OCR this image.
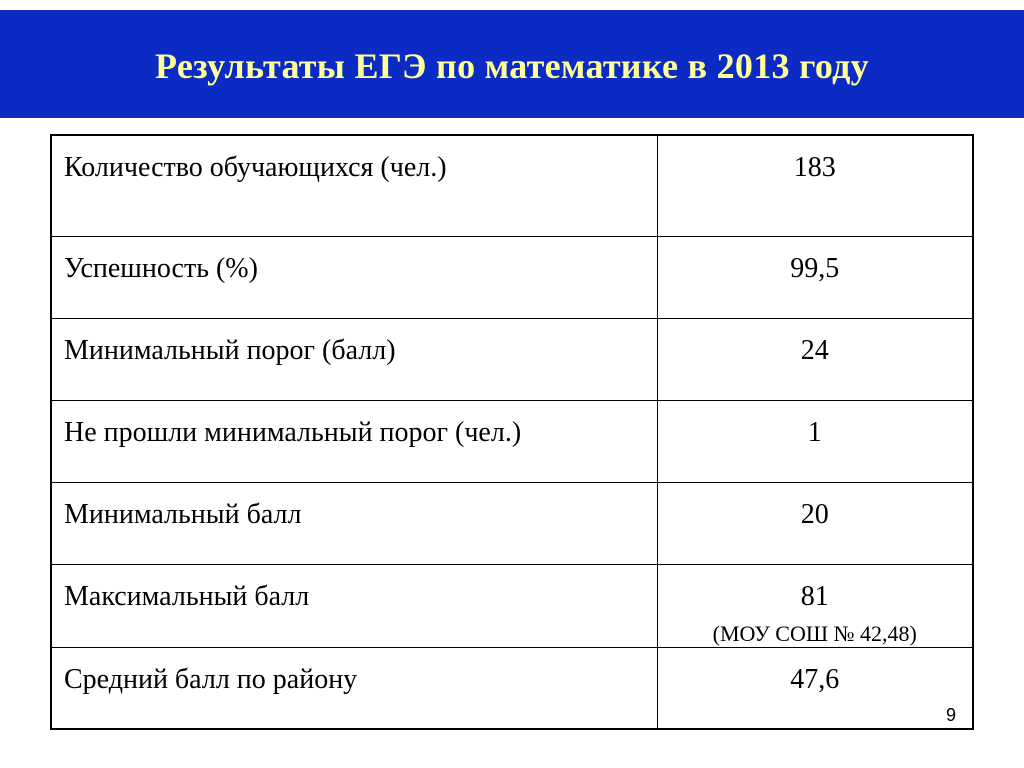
Результаты ЕГЭ по математике в 2013 году
Количество обучающихся (чел.)	183
Успешность (%)	99,5
Минимальный порог (балл)	24
Не прошли минимальный порог (чел.)	1
Минимальный балл	20
Максимальный балл	81
(МОУ СОШ № 42,48)

Средний балл по району	47,6
9
